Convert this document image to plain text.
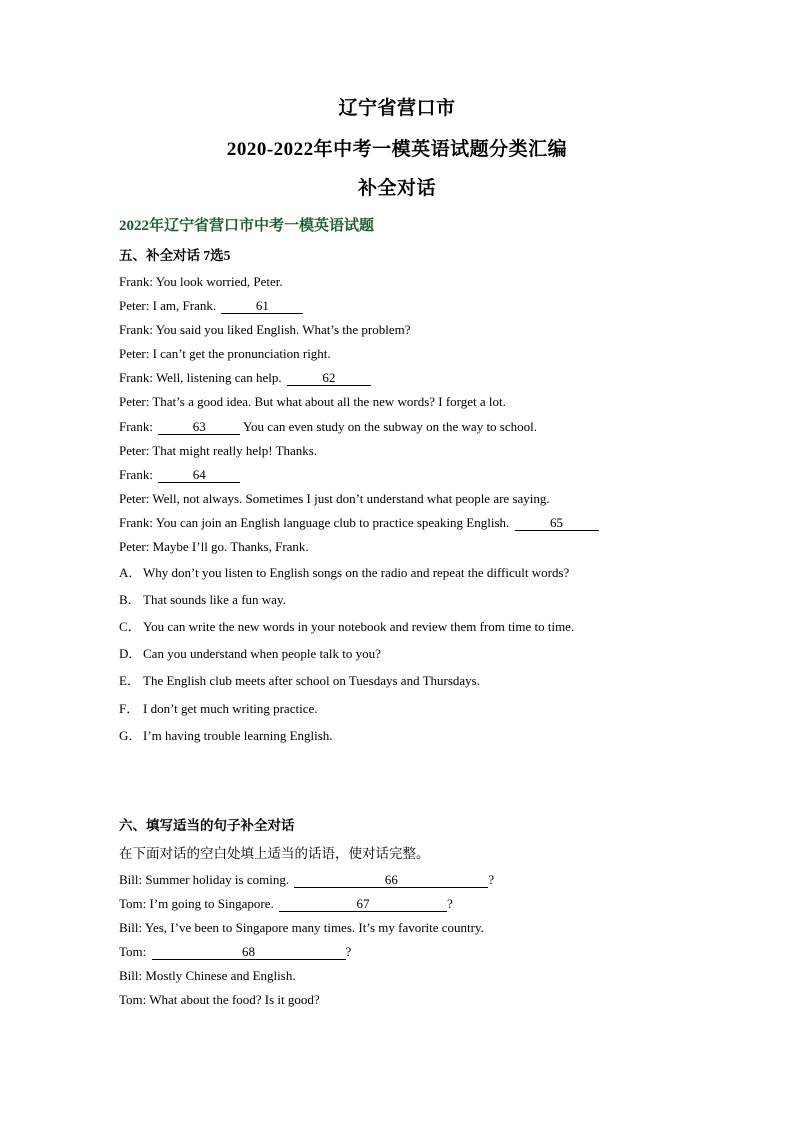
辽宁省营口市
2020-2022年中考一模英语试题分类汇编
补全对话
2022年辽宁省营口市中考一模英语试题
五、补全对话 7选5
Frank: You look worried, Peter.
Peter: I am, Frank.	61
Frank: You said you liked English. What’s the problem?
Peter: I can’t get the pronunciation right.
Frank: Well, listening can help.	62
Peter: That’s a good idea. But what about all the new words? I forget a lot.
Frank:	63	You can even study on the subway on the way to school.
Peter: That might really help! Thanks.
Frank:	64
Peter: Well, not always. Sometimes I just don’t understand what people are saying.
Frank: You can join an English language club to practice speaking English.	65
Peter: Maybe I’ll go. Thanks, Frank.
A． Why don’t you listen to English songs on the radio and repeat the difficult words?
B． That sounds like a fun way.
C． You can write the new words in your notebook and review them from time to time.
D． Can you understand when people talk to you?
E． The English club meets after school on Tuesdays and Thursdays.
F． I don’t get much writing practice.
G． I’m having trouble learning English.
六、填写适当的句子补全对话
在下面对话的空白处填上适当的话语，使对话完整。
Bill: Summer holiday is coming.	66	?
Tom: I’m going to Singapore.	67	?
Bill: Yes, I’ve been to Singapore many times. It’s my favorite country.
Tom:	68	?
Bill: Mostly Chinese and English.
Tom: What about the food? Is it good?
